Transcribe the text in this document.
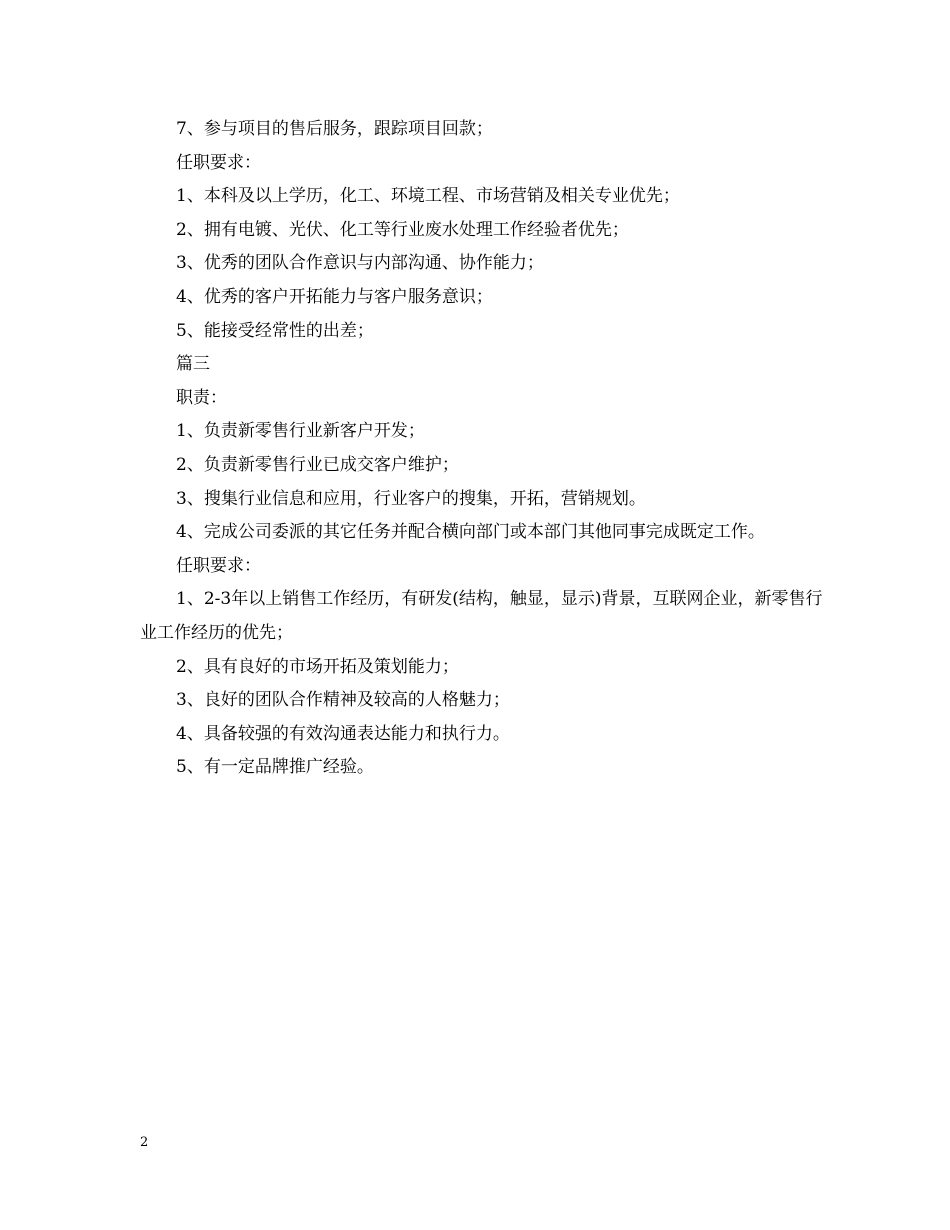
7、参与项目的售后服务，跟踪项目回款；

任职要求：

1、本科及以上学历，化工、环境工程、市场营销及相关专业优先；

2、拥有电镀、光伏、化工等行业废水处理工作经验者优先；

3、优秀的团队合作意识与内部沟通、协作能力；

4、优秀的客户开拓能力与客户服务意识；

5、能接受经常性的出差；

篇三

职责：

1、负责新零售行业新客户开发；

2、负责新零售行业已成交客户维护；

3、搜集行业信息和应用，行业客户的搜集，开拓，营销规划。

4、完成公司委派的其它任务并配合横向部门或本部门其他同事完成既定工作。

任职要求：

1、2-3年以上销售工作经历，有研发(结构，触显，显示)背景，互联网企业，新零售行业工作经历的优先；

2、具有良好的市场开拓及策划能力；

3、良好的团队合作精神及较高的人格魅力；

4、具备较强的有效沟通表达能力和执行力。

5、有一定品牌推广经验。

2
